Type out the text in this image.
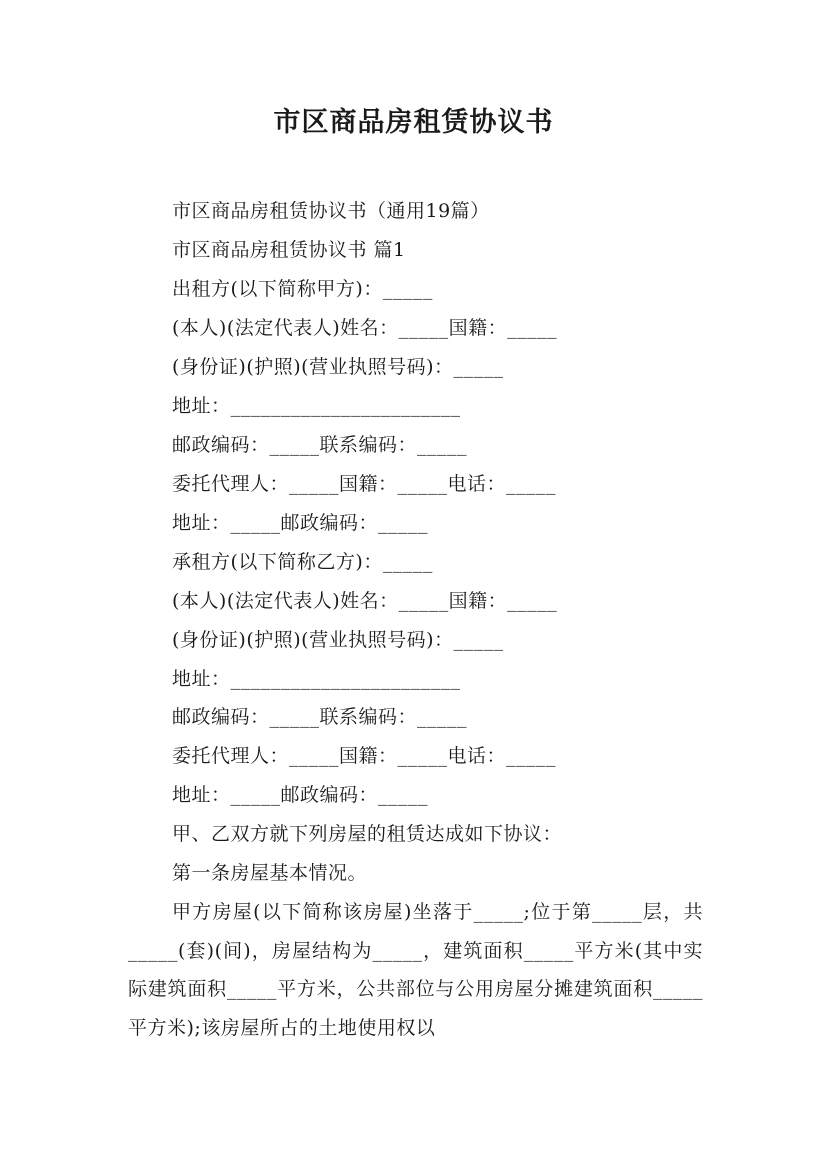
市区商品房租赁协议书
市区商品房租赁协议书（通用19篇）
市区商品房租赁协议书 篇1
出租方(以下简称甲方)：_____
(本人)(法定代表人)姓名：_____国籍：_____
(身份证)(护照)(营业执照号码)：_____
地址：_______________________
邮政编码：_____联系编码：_____
委托代理人：_____国籍：_____电话：_____
地址：_____邮政编码：_____
承租方(以下简称乙方)：_____
(本人)(法定代表人)姓名：_____国籍：_____
(身份证)(护照)(营业执照号码)：_____
地址：_______________________
邮政编码：_____联系编码：_____
委托代理人：_____国籍：_____电话：_____
地址：_____邮政编码：_____
甲、乙双方就下列房屋的租赁达成如下协议：
第一条房屋基本情况。

甲方房屋(以下简称该房屋)坐落于_____;位于第_____层，共_____(套)(间)，房屋结构为_____，建筑面积_____平方米(其中实际建筑面积_____平方米，公共部位与公用房屋分摊建筑面积_____平方米);该房屋所占的土地使用权以
